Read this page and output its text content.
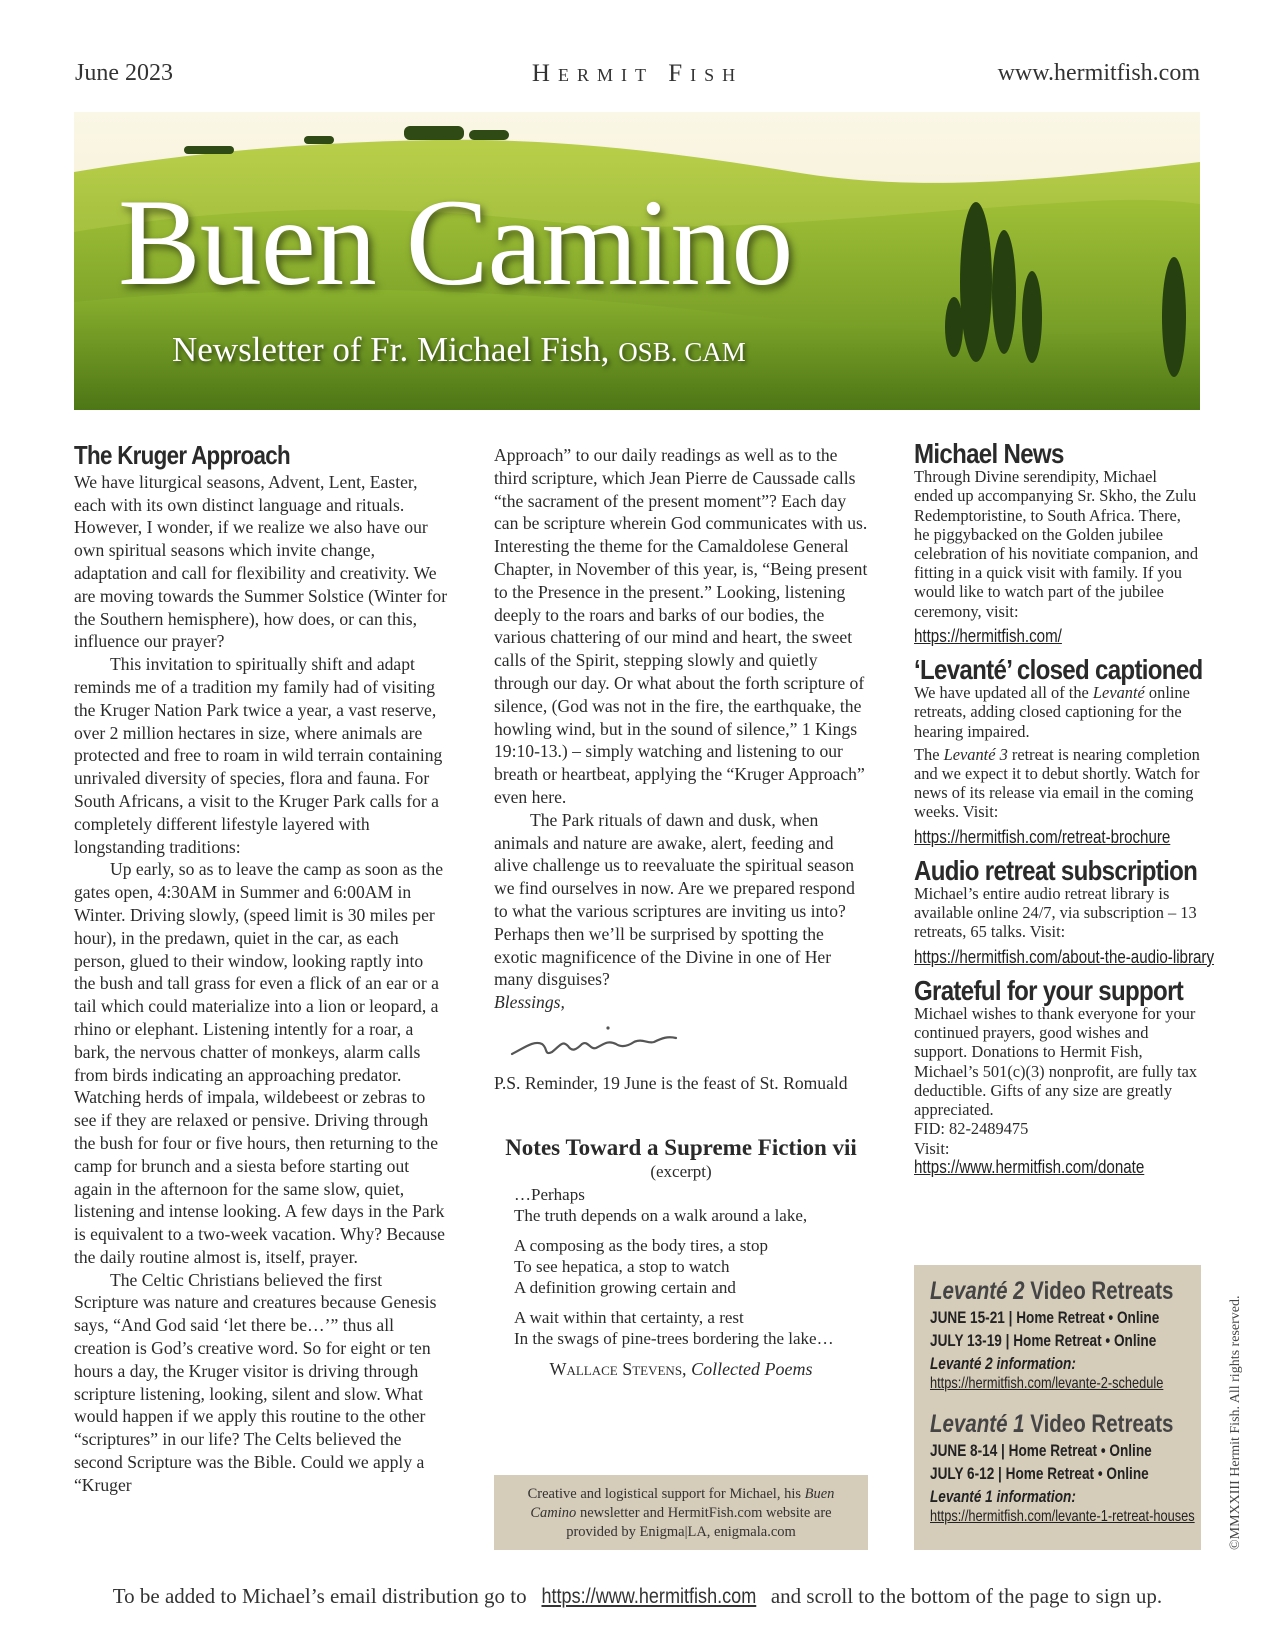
June 2023	Hermit Fish	www.hermitfish.com
Buen Camino
Newsletter of Fr. Michael Fish, OSB. CAM
The Kruger Approach

We have liturgical seasons, Advent, Lent, Easter, each with its own distinct language and rituals. However, I wonder, if we realize we also have our own spiritual seasons which invite change, adaptation and call for flexibility and creativity. We are moving towards the Summer Solstice (Winter for the Southern hemisphere), how does, or can this, influence our prayer?

This invitation to spiritually shift and adapt reminds me of a tradition my family had of visiting the Kruger Nation Park twice a year, a vast reserve, over 2 million hectares in size, where animals are protected and free to roam in wild terrain containing unrivaled diversity of species, flora and fauna. For South Africans, a visit to the Kruger Park calls for a completely different lifestyle layered with longstanding traditions:

Up early, so as to leave the camp as soon as the gates open, 4:30AM in Summer and 6:00AM in Winter. Driving slowly, (speed limit is 30 miles per hour), in the predawn, quiet in the car, as each person, glued to their window, looking raptly into the bush and tall grass for even a flick of an ear or a tail which could materialize into a lion or leopard, a rhino or elephant. Listening intently for a roar, a bark, the nervous chatter of monkeys, alarm calls from birds indicating an approaching predator. Watching herds of impala, wildebeest or zebras to see if they are relaxed or pensive. Driving through the bush for four or five hours, then returning to the camp for brunch and a siesta before starting out again in the afternoon for the same slow, quiet, listening and intense looking. A few days in the Park is equivalent to a two-week vacation. Why? Because the daily routine almost is, itself, prayer.

The Celtic Christians believed the first Scripture was nature and creatures because Genesis says, “And God said ‘let there be…’” thus all creation is God’s creative word. So for eight or ten hours a day, the Kruger visitor is driving through scripture listening, looking, silent and slow. What would happen if we apply this routine to the other “scriptures” in our life? The Celts believed the second Scripture was the Bible. Could we apply a “Kruger

Approach” to our daily readings as well as to the third scripture, which Jean Pierre de Caussade calls “the sacrament of the present moment”? Each day can be scripture wherein God communicates with us. Interesting the theme for the Camaldolese General Chapter, in November of this year, is, “Being present to the Presence in the present.” Looking, listening deeply to the roars and barks of our bodies, the various chattering of our mind and heart, the sweet calls of the Spirit, stepping slowly and quietly through our day. Or what about the forth scripture of silence, (God was not in the fire, the earthquake, the howling wind, but in the sound of silence,” 1 Kings 19:10-13.) – simply watching and listening to our breath or heartbeat, applying the “Kruger Approach” even here.

The Park rituals of dawn and dusk, when animals and nature are awake, alert, feeding and alive challenge us to reevaluate the spiritual season we find ourselves in now. Are we prepared respond to what the various scriptures are inviting us into? Perhaps then we’ll be surprised by spotting the exotic magnificence of the Divine in one of Her many disguises?

Blessings,

P.S. Reminder, 19 June is the feast of St. Romuald

Notes Toward a Supreme Fiction vii
(excerpt)
…Perhaps
The truth depends on a walk around a lake,
A composing as the body tires, a stop
To see hepatica, a stop to watch
A definition growing certain and
A wait within that certainty, a rest
In the swags of pine-trees bordering the lake…
Wallace Stevens, Collected Poems
Creative and logistical support for Michael, his Buen Camino newsletter and HermitFish.com website are provided by Enigma|LA, enigmala.com
Michael News

Through Divine serendipity, Michael ended up accompanying Sr. Skho, the Zulu Redemptoristine, to South Africa. There, he piggybacked on the Golden jubilee celebration of his novitiate companion, and fitting in a quick visit with family. If you would like to watch part of the jubilee ceremony, visit:

https://hermitfish.com/
‘Levanté’ closed captioned

We have updated all of the Levanté online retreats, adding closed captioning for the hearing impaired.

The Levanté 3 retreat is nearing completion and we expect it to debut shortly. Watch for news of its release via email in the coming weeks. Visit:

https://hermitfish.com/retreat-brochure
Audio retreat subscription

Michael’s entire audio retreat library is available online 24/7, via subscription – 13 retreats, 65 talks. Visit:

https://hermitfish.com/about-the-audio-library
Grateful for your support

Michael wishes to thank everyone for your continued prayers, good wishes and support. Donations to Hermit Fish, Michael’s 501(c)(3) nonprofit, are fully tax deductible. Gifts of any size are greatly appreciated.

FID: 82-2489475

Visit: https://www.hermitfish.com/donate

Levanté 2 Video Retreats
JUNE 15-21 | Home Retreat • Online
JULY 13-19 | Home Retreat • Online
Levanté 2 information:
https://hermitfish.com/levante-2-schedule
Levanté 1 Video Retreats
JUNE 8-14 | Home Retreat • Online
JULY 6-12 | Home Retreat • Online
Levanté 1 information:
https://hermitfish.com/levante-1-retreat-houses ©MMXXIII Hermit Fish. All rights reserved.
To be added to Michael’s email distribution go to https://www.hermitfish.com and scroll to the bottom of the page to sign up.
